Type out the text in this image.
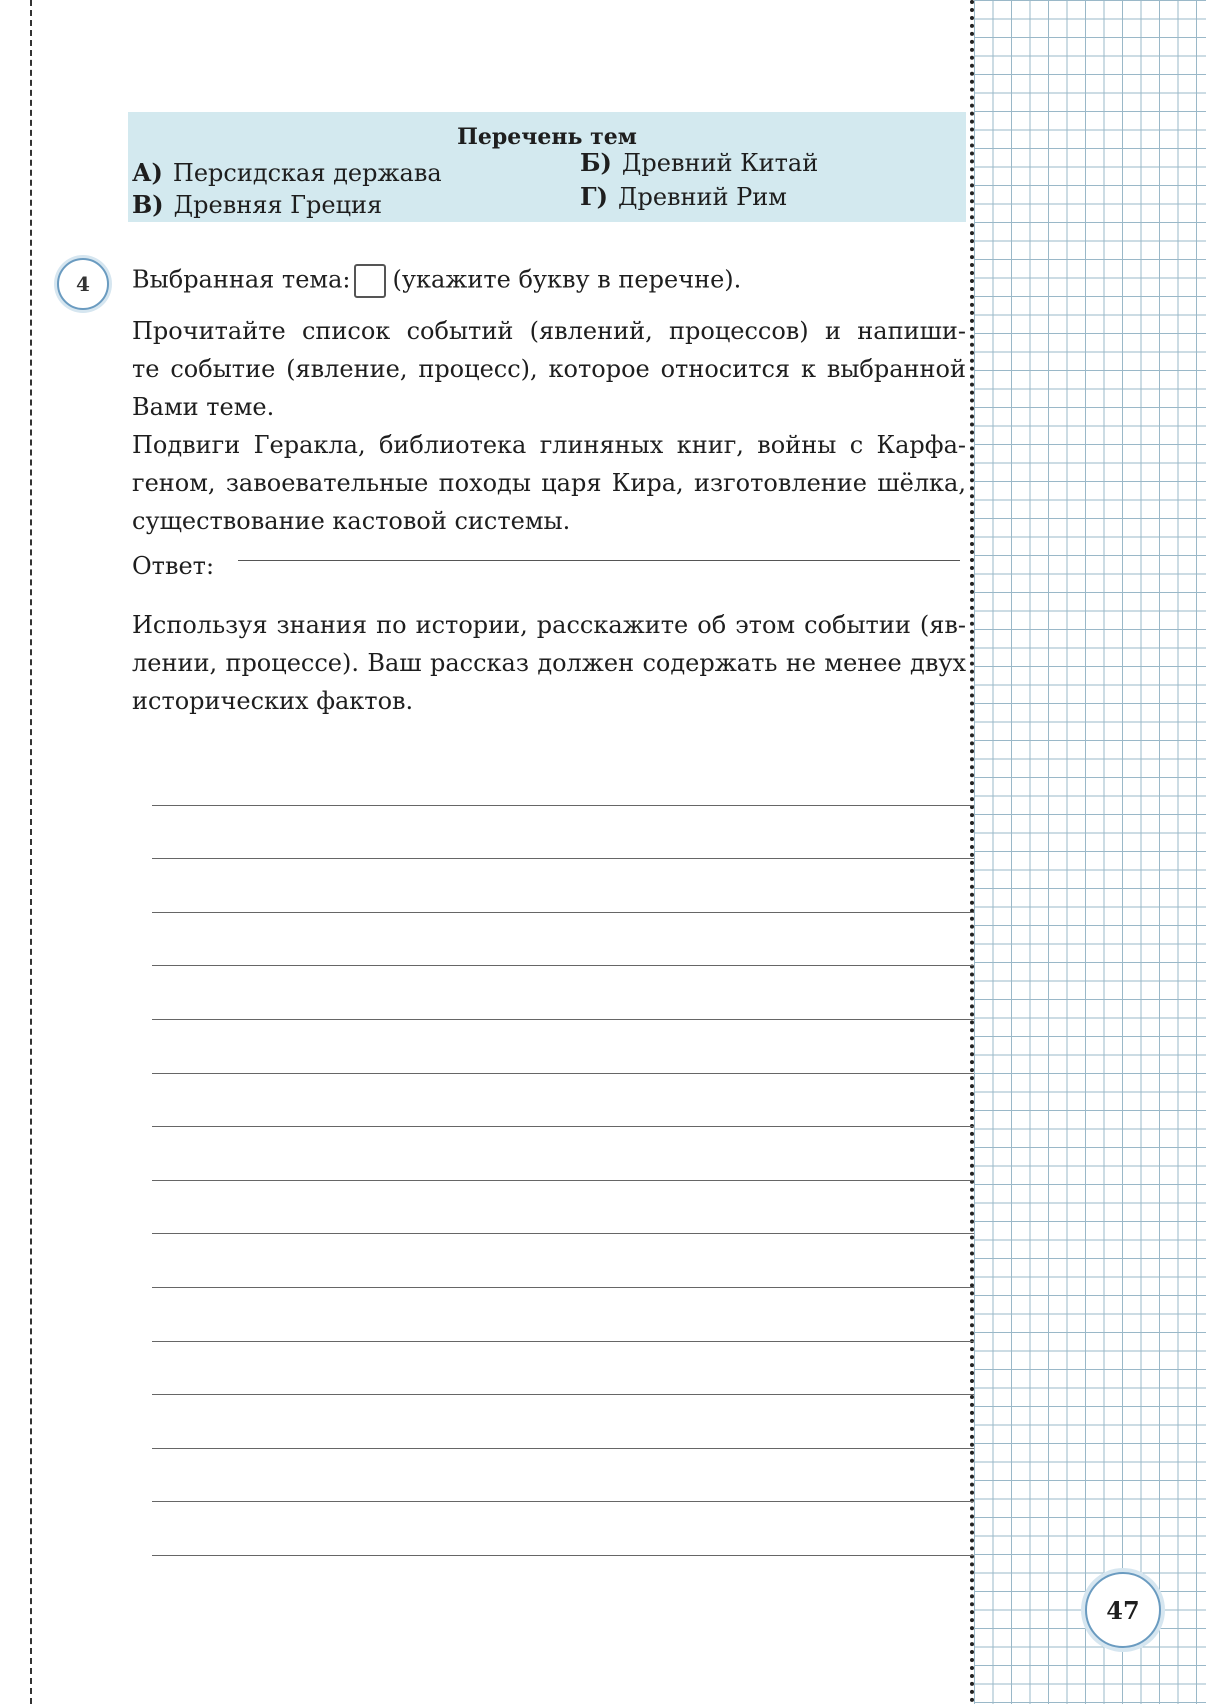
Перечень тем
А) Персидская держава	Б) Древний Китай
В) Древняя Греция	Г) Древний Рим
4	Выбранная тема: (укажите букву в перечне).

Прочитайте список событий (явлений, процессов) и напиши-

те событие (явление, процесс), которое относится к выбранной

Вами теме.

Подвиги Геракла, библиотека глиняных книг, войны с Карфа-

геном, завоевательные походы царя Кира, изготовление шёлка,

существование кастовой системы.

Ответ:

Используя знания по истории, расскажите об этом событии (яв-

лении, процессе). Ваш рассказ должен содержать не менее двух

исторических фактов.

47
